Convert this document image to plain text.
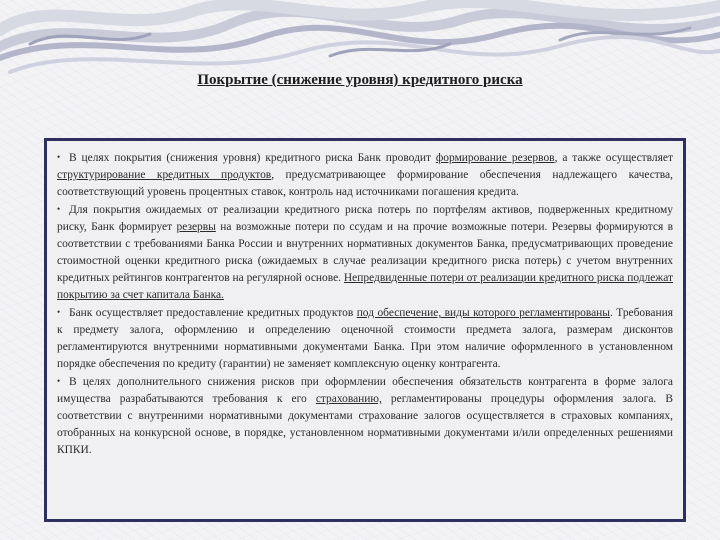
Покрытие (снижение уровня) кредитного риска

• В целях покрытия (снижения уровня) кредитного риска Банк проводит формирование резервов, а также осуществляет структурирование кредитных продуктов, предусматривающее формирование обеспечения надлежащего качества, соответствующий уровень процентных ставок, контроль над источниками погашения кредита.

• Для покрытия ожидаемых от реализации кредитного риска потерь по портфелям активов, подверженных кредитному риску, Банк формирует резервы на возможные потери по ссудам и на прочие возможные потери. Резервы формируются в соответствии с требованиями Банка России и внутренних нормативных документов Банка, предусматривающих проведение стоимостной оценки кредитного риска (ожидаемых в случае реализации кредитного риска потерь) с учетом внутренних кредитных рейтингов контрагентов на регулярной основе. Непредвиденные потери от реализации кредитного риска подлежат покрытию за счет капитала Банка.

• Банк осуществляет предоставление кредитных продуктов под обеспечение, виды которого регламентированы. Требования к предмету залога, оформлению и определению оценочной стоимости предмета залога, размерам дисконтов регламентируются внутренними нормативными документами Банка. При этом наличие оформленного в установленном порядке обеспечения по кредиту (гарантии) не заменяет комплексную оценку контрагента.

• В целях дополнительного снижения рисков при оформлении обеспечения обязательств контрагента в форме залога имущества разрабатываются требования к его страхованию, регламентированы процедуры оформления залога. В соответствии с внутренними нормативными документами страхование залогов осуществляется в страховых компаниях, отобранных на конкурсной основе, в порядке, установленном нормативными документами и/или определенных решениями КПКИ.
